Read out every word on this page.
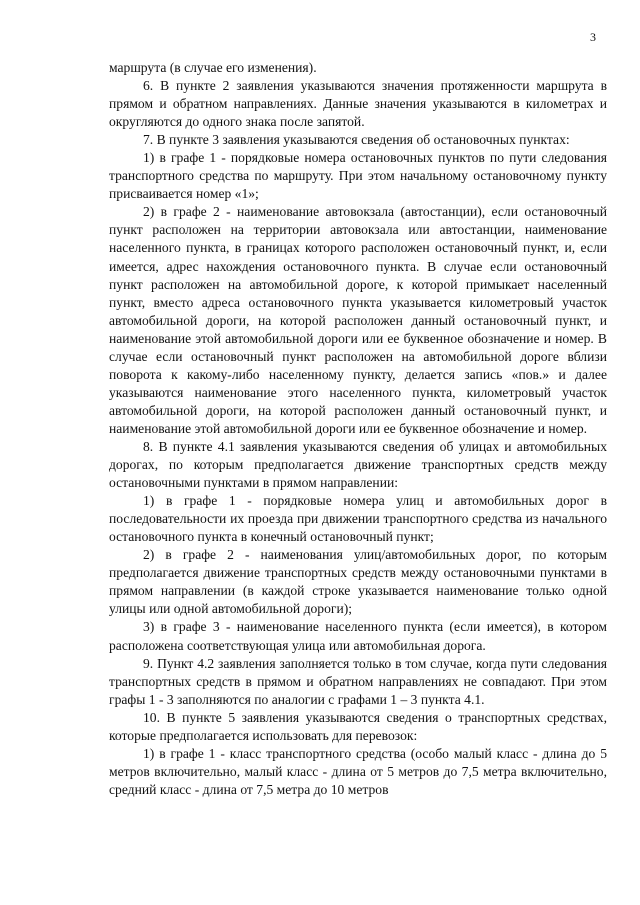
3

маршрута (в случае его изменения).

6. В пункте 2 заявления указываются значения протяженности маршрута в прямом и обратном направлениях. Данные значения указываются в километрах и округляются до одного знака после запятой.

7. В пункте 3 заявления указываются сведения об остановочных пунктах:

1) в графе 1 - порядковые номера остановочных пунктов по пути следования транспортного средства по маршруту. При этом начальному остановочному пункту присваивается номер «1»;

2) в графе 2 - наименование автовокзала (автостанции), если остановочный пункт расположен на территории автовокзала или автостанции, наименование населенного пункта, в границах которого расположен остановочный пункт, и, если имеется, адрес нахождения остановочного пункта. В случае если остановочный пункт расположен на автомобильной дороге, к которой примыкает населенный пункт, вместо адреса остановочного пункта указывается километровый участок автомобильной дороги, на которой расположен данный остановочный пункт, и наименование этой автомобильной дороги или ее буквенное обозначение и номер. В случае если остановочный пункт расположен на автомобильной дороге вблизи поворота к какому-либо населенному пункту, делается запись «пов.» и далее указываются наименование этого населенного пункта, километровый участок автомобильной дороги, на которой расположен данный остановочный пункт, и наименование этой автомобильной дороги или ее буквенное обозначение и номер.

8. В пункте 4.1 заявления указываются сведения об улицах и автомобильных дорогах, по которым предполагается движение транспортных средств между остановочными пунктами в прямом направлении:

1) в графе 1 - порядковые номера улиц и автомобильных дорог в последовательности их проезда при движении транспортного средства из начального остановочного пункта в конечный остановочный пункт;

2) в графе 2 - наименования улиц/автомобильных дорог, по которым предполагается движение транспортных средств между остановочными пунктами в прямом направлении (в каждой строке указывается наименование только одной улицы или одной автомобильной дороги);

3) в графе 3 - наименование населенного пункта (если имеется), в котором расположена соответствующая улица или автомобильная дорога.

9. Пункт 4.2 заявления заполняется только в том случае, когда пути следования транспортных средств в прямом и обратном направлениях не совпадают. При этом графы 1 - 3 заполняются по аналогии с графами 1 – 3 пункта 4.1.

10. В пункте 5 заявления указываются сведения о транспортных средствах, которые предполагается использовать для перевозок:

1) в графе 1 - класс транспортного средства (особо малый класс - длина до 5 метров включительно, малый класс - длина от 5 метров до 7,5 метра включительно, средний класс - длина от 7,5 метра до 10 метров
